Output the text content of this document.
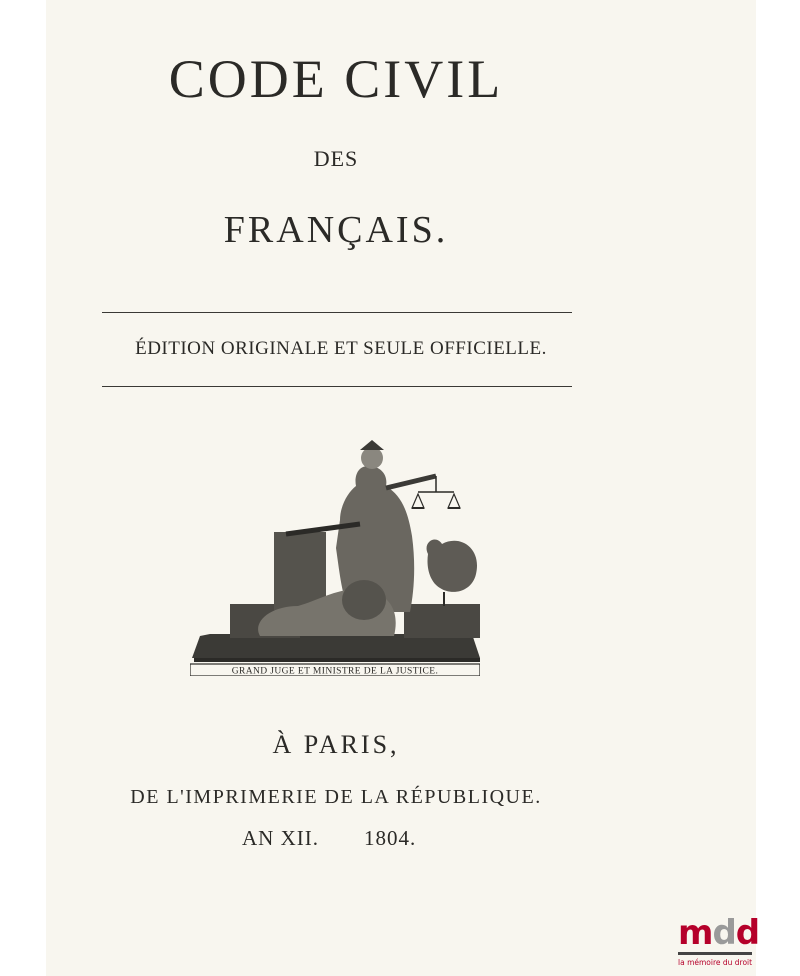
CODE CIVIL
DES
FRANÇAIS.
ÉDITION ORIGINALE ET SEULE OFFICIELLE.
GRAND JUGE ET MINISTRE DE LA JUSTICE.
À PARIS,
DE L'IMPRIMERIE DE LA RÉPUBLIQUE.
AN XII. 1804.
mdd
la mémoire du droit
